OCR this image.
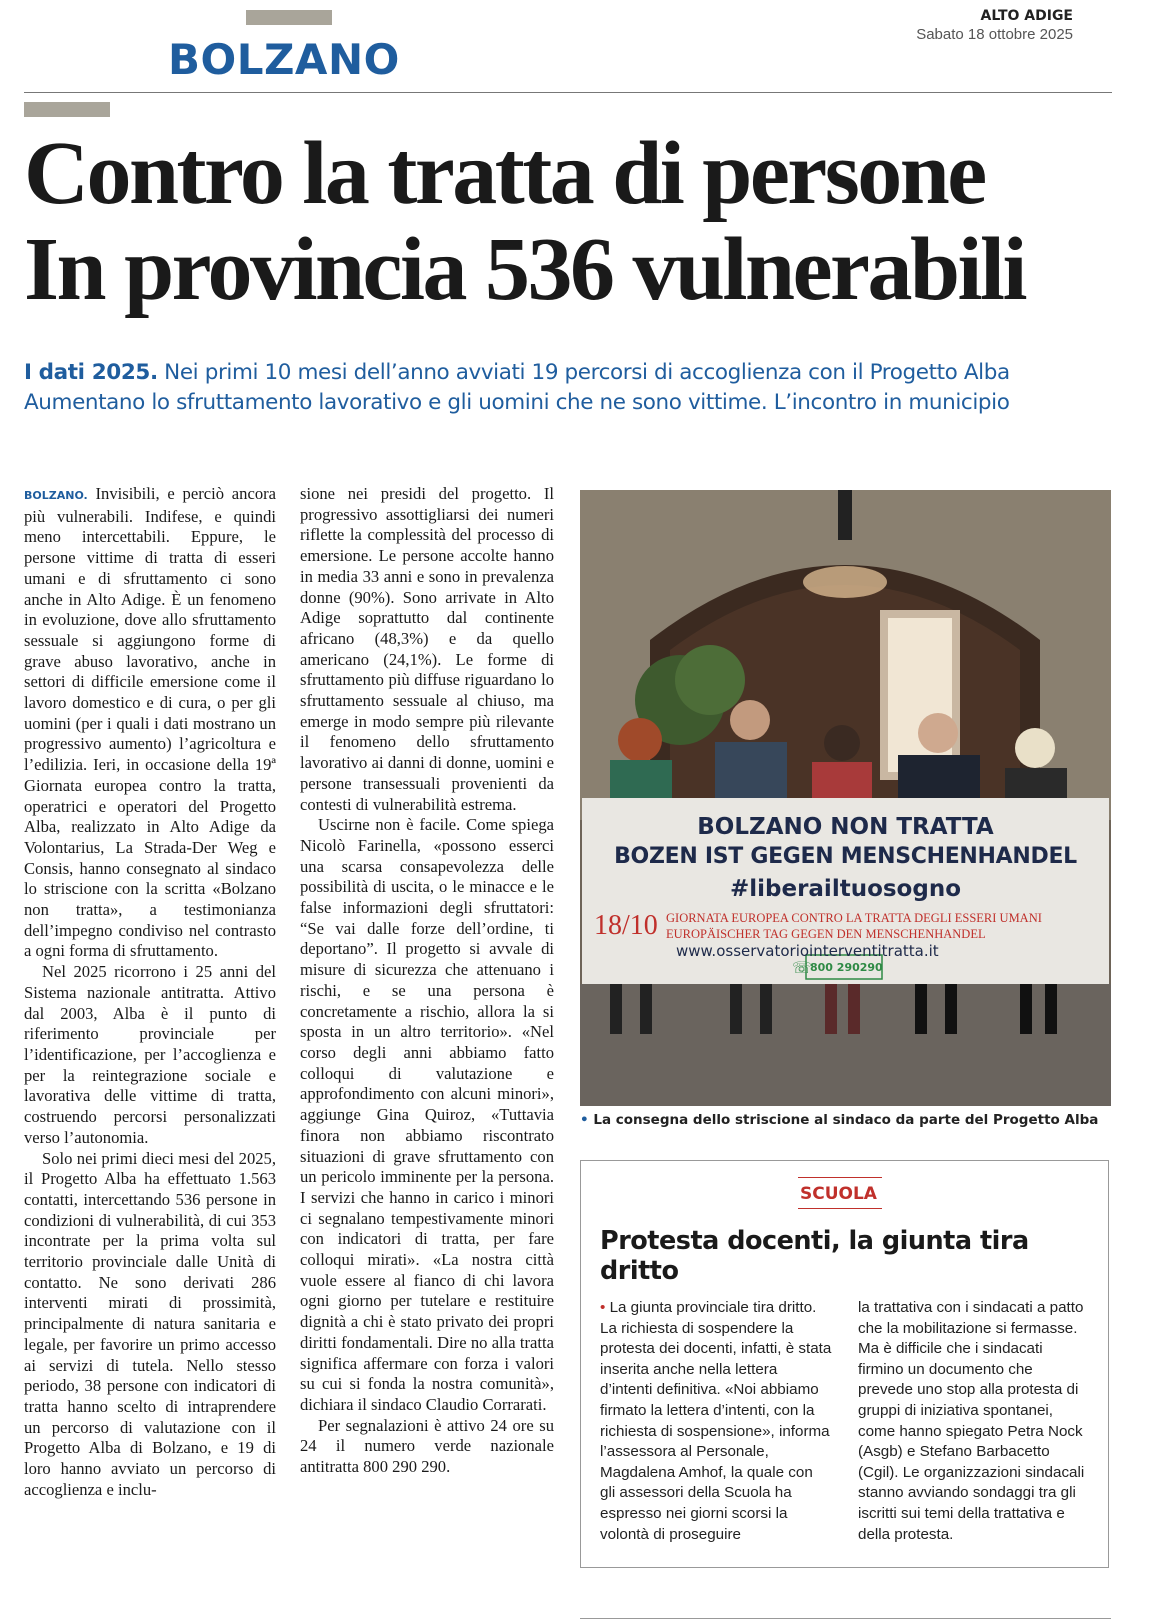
BOLZANO
ALTO ADIGE
Sabato 18 ottobre 2025
Contro la tratta di persone
In provincia 536 vulnerabili
I dati 2025. Nei primi 10 mesi dell’anno avviati 19 percorsi di accoglienza con il Progetto Alba
Aumentano lo sfruttamento lavorativo e gli uomini che ne sono vittime. L’incontro in municipio

BOLZANO. Invisibili, e perciò ancora più vulnerabili. Indifese, e quindi meno intercettabili. Eppure, le persone vittime di tratta di esseri umani e di sfruttamento ci sono anche in Alto Adige. È un fenomeno in evoluzione, dove allo sfruttamento sessuale si aggiungono forme di grave abuso lavorativo, anche in settori di difficile emersione come il lavoro domestico e di cura, o per gli uomini (per i quali i dati mostrano un progressivo aumento) l’agricoltura e l’edilizia. Ieri, in occasione della 19ª Giornata europea contro la tratta, operatrici e operatori del Progetto Alba, realizzato in Alto Adige da Volontarius, La Strada-Der Weg e Consis, hanno consegnato al sindaco lo striscione con la scritta «Bolzano non tratta», a testimonianza dell’impegno condiviso nel contrasto a ogni forma di sfruttamento.

Nel 2025 ricorrono i 25 anni del Sistema nazionale antitratta. Attivo dal 2003, Alba è il punto di riferimento provinciale per l’identificazione, per l’accoglienza e per la reintegrazione sociale e lavorativa delle vittime di tratta, costruendo percorsi personalizzati verso l’autonomia.

Solo nei primi dieci mesi del 2025, il Progetto Alba ha effettuato 1.563 contatti, intercettando 536 persone in condizioni di vulnerabilità, di cui 353 incontrate per la prima volta sul territorio provinciale dalle Unità di contatto. Ne sono derivati 286 interventi mirati di prossimità, principalmente di natura sanitaria e legale, per favorire un primo accesso ai servizi di tutela. Nello stesso periodo, 38 persone con indicatori di tratta hanno scelto di intraprendere un percorso di valutazione con il Progetto Alba di Bolzano, e 19 di loro hanno avviato un percorso di accoglienza e inclu-

sione nei presidi del progetto. Il progressivo assottigliarsi dei numeri riflette la complessità del processo di emersione. Le persone accolte hanno in media 33 anni e sono in prevalenza donne (90%). Sono arrivate in Alto Adige soprattutto dal continente africano (48,3%) e da quello americano (24,1%). Le forme di sfruttamento più diffuse riguardano lo sfruttamento sessuale al chiuso, ma emerge in modo sempre più rilevante il fenomeno dello sfruttamento lavorativo ai danni di donne, uomini e persone transessuali provenienti da contesti di vulnerabilità estrema.

Uscirne non è facile. Come spiega Nicolò Farinella, «possono esserci una scarsa consapevolezza delle possibilità di uscita, o le minacce e le false informazioni degli sfruttatori: “Se vai dalle forze dell’ordine, ti deportano”. Il progetto si avvale di misure di sicurezza che attenuano i rischi, e se una persona è concretamente a rischio, allora la si sposta in un altro territorio». «Nel corso degli anni abbiamo fatto colloqui di valutazione e approfondimento con alcuni minori», aggiunge Gina Quiroz, «Tuttavia finora non abbiamo riscontrato situazioni di grave sfruttamento con un pericolo imminente per la persona. I servizi che hanno in carico i minori ci segnalano tempestivamente minori con indicatori di tratta, per fare colloqui mirati». «La nostra città vuole essere al fianco di chi lavora ogni giorno per tutelare e restituire dignità a chi è stato privato dei propri diritti fondamentali. Dire no alla tratta significa affermare con forza i valori su cui si fonda la nostra comunità», dichiara il sindaco Claudio Corrarati.

Per segnalazioni è attivo 24 ore su 24 il numero verde nazionale antitratta 800 290 290.

☏
BOLZANO NON TRATTA
BOZEN IST GEGEN MENSCHENHANDEL
#liberailtuosogno
18/10 GIORNATA EUROPEA CONTRO LA TRATTA DEGLI ESSERI UMANI
EUROPÄISCHER TAG GEGEN DEN MENSCHENHANDEL
www.osservatoriointerventitratta.it
800 290290
• La consegna dello striscione al sindaco da parte del Progetto Alba
SCUOLA
Protesta docenti, la giunta tira dritto
• La giunta provinciale tira dritto. La richiesta di sospendere la protesta dei docenti, infatti, è stata inserita anche nella lettera d’intenti definitiva. «Noi abbiamo firmato la lettera d’intenti, con la richiesta di sospensione», informa l’assessora al Personale, Magdalena Amhof, la quale con gli assessori della Scuola ha espresso nei giorni scorsi la volontà di proseguire
la trattativa con i sindacati a patto che la mobilitazione si fermasse. Ma è difficile che i sindacati firmino un documento che prevede uno stop alla protesta di gruppi di iniziativa spontanei, come hanno spiegato Petra Nock (Asgb) e Stefano Barbacetto (Cgil). Le organizzazioni sindacali stanno avviando sondaggi tra gli iscritti sui temi della trattativa e della protesta.
